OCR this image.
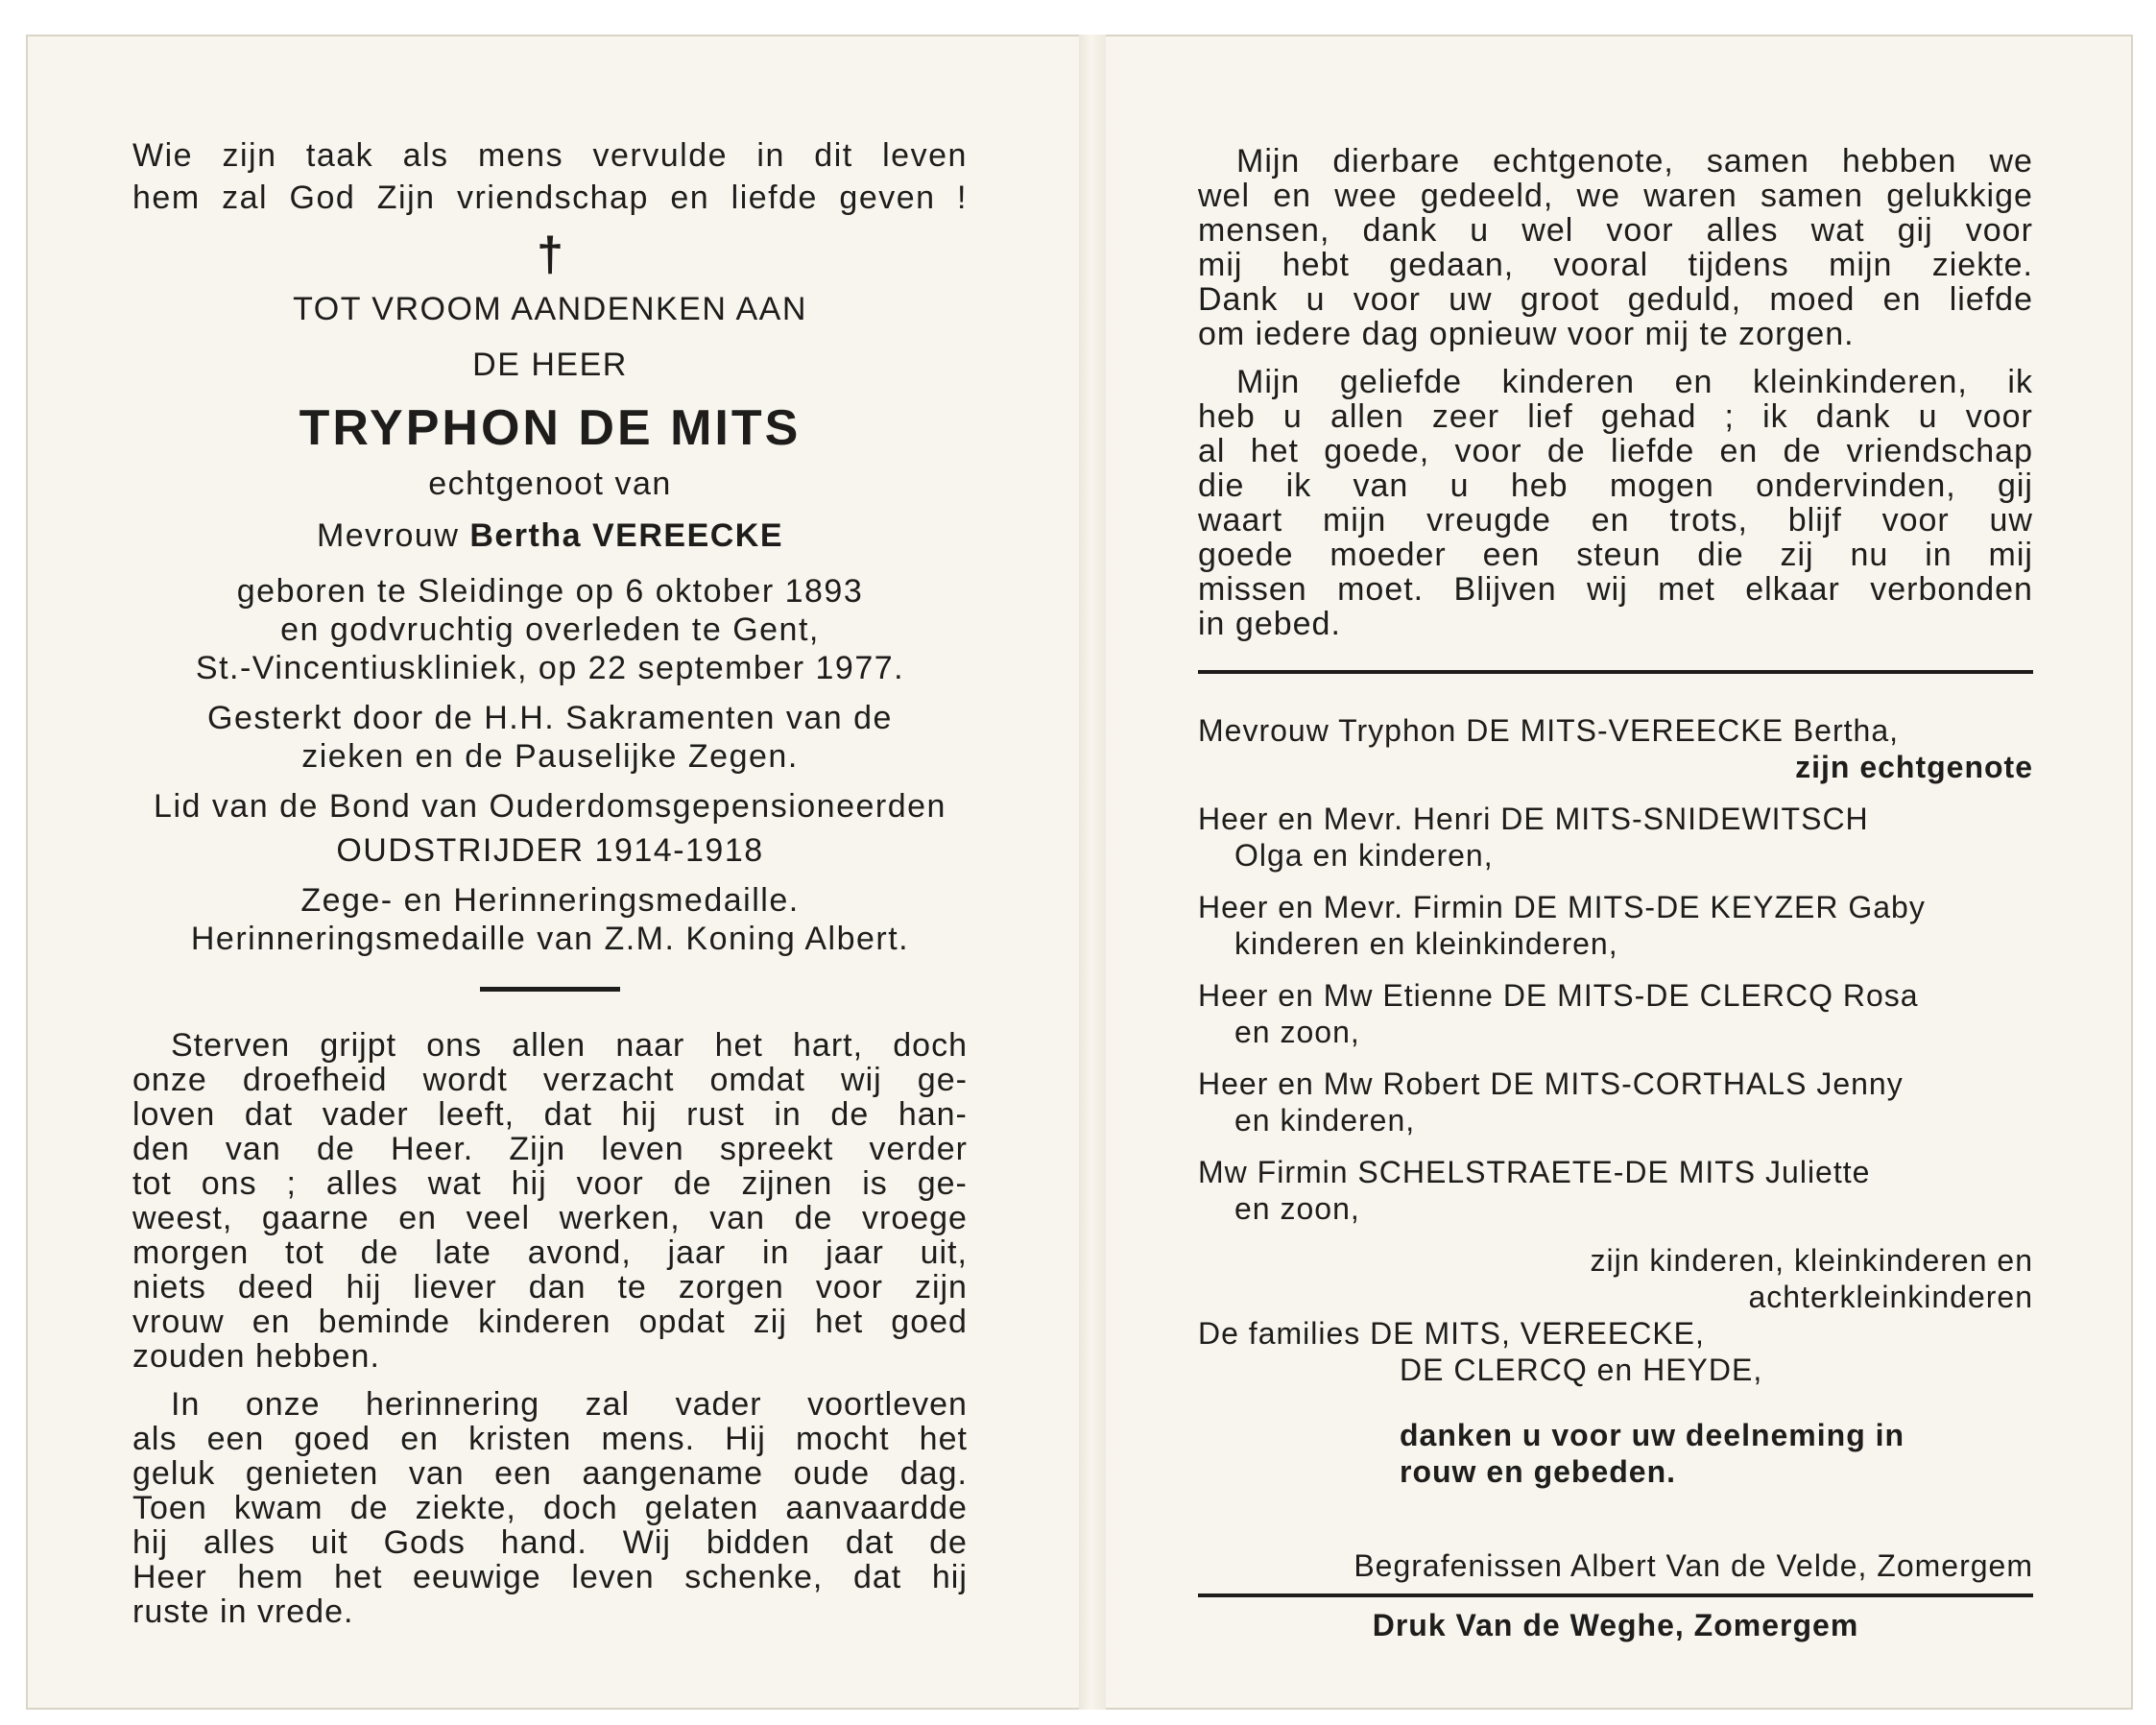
Wie zijn taak als mens vervulde in dit leven
hem zal God Zijn vriendschap en liefde geven !
†
TOT VROOM AANDENKEN AAN
DE HEER
TRYPHON DE MITS
echtgenoot van
Mevrouw Bertha VEREECKE
geboren te Sleidinge op 6 oktober 1893
en godvruchtig overleden te Gent,
St.-Vincentiuskliniek, op 22 september 1977.
Gesterkt door de H.H. Sakramenten van de
zieken en de Pauselijke Zegen.
Lid van de Bond van Ouderdomsgepensioneerden
OUDSTRIJDER 1914-1918
Zege- en Herinneringsmedaille.
Herinneringsmedaille van Z.M. Koning Albert.
Sterven grijpt ons allen naar het hart, doch
onze droefheid wordt verzacht omdat wij ge-
loven dat vader leeft, dat hij rust in de han-
den van de Heer. Zijn leven spreekt verder
tot ons ; alles wat hij voor de zijnen is ge-
weest, gaarne en veel werken, van de vroege
morgen tot de late avond, jaar in jaar uit,
niets deed hij liever dan te zorgen voor zijn
vrouw en beminde kinderen opdat zij het goed
zouden hebben.
In onze herinnering zal vader voortleven
als een goed en kristen mens. Hij mocht het
geluk genieten van een aangename oude dag.
Toen kwam de ziekte, doch gelaten aanvaardde
hij alles uit Gods hand. Wij bidden dat de
Heer hem het eeuwige leven schenke, dat hij
ruste in vrede.
Mijn dierbare echtgenote, samen hebben we
wel en wee gedeeld, we waren samen gelukkige
mensen, dank u wel voor alles wat gij voor
mij hebt gedaan, vooral tijdens mijn ziekte.
Dank u voor uw groot geduld, moed en liefde
om iedere dag opnieuw voor mij te zorgen.
Mijn geliefde kinderen en kleinkinderen, ik
heb u allen zeer lief gehad ; ik dank u voor
al het goede, voor de liefde en de vriendschap
die ik van u heb mogen ondervinden, gij
waart mijn vreugde en trots, blijf voor uw
goede moeder een steun die zij nu in mij
missen moet. Blijven wij met elkaar verbonden
in gebed.
Mevrouw Tryphon DE MITS-VEREECKE Bertha,
zijn echtgenote
Heer en Mevr. Henri DE MITS-SNIDEWITSCH
Olga en kinderen,
Heer en Mevr. Firmin DE MITS-DE KEYZER Gaby
kinderen en kleinkinderen,
Heer en Mw Etienne DE MITS-DE CLERCQ Rosa
en zoon,
Heer en Mw Robert DE MITS-CORTHALS Jenny
en kinderen,
Mw Firmin SCHELSTRAETE-DE MITS Juliette
en zoon,
zijn kinderen, kleinkinderen en
achterkleinkinderen
De families DE MITS, VEREECKE,
DE CLERCQ en HEYDE,
danken u voor uw deelneming in
rouw en gebeden.
Begrafenissen Albert Van de Velde, Zomergem
Druk Van de Weghe, Zomergem
